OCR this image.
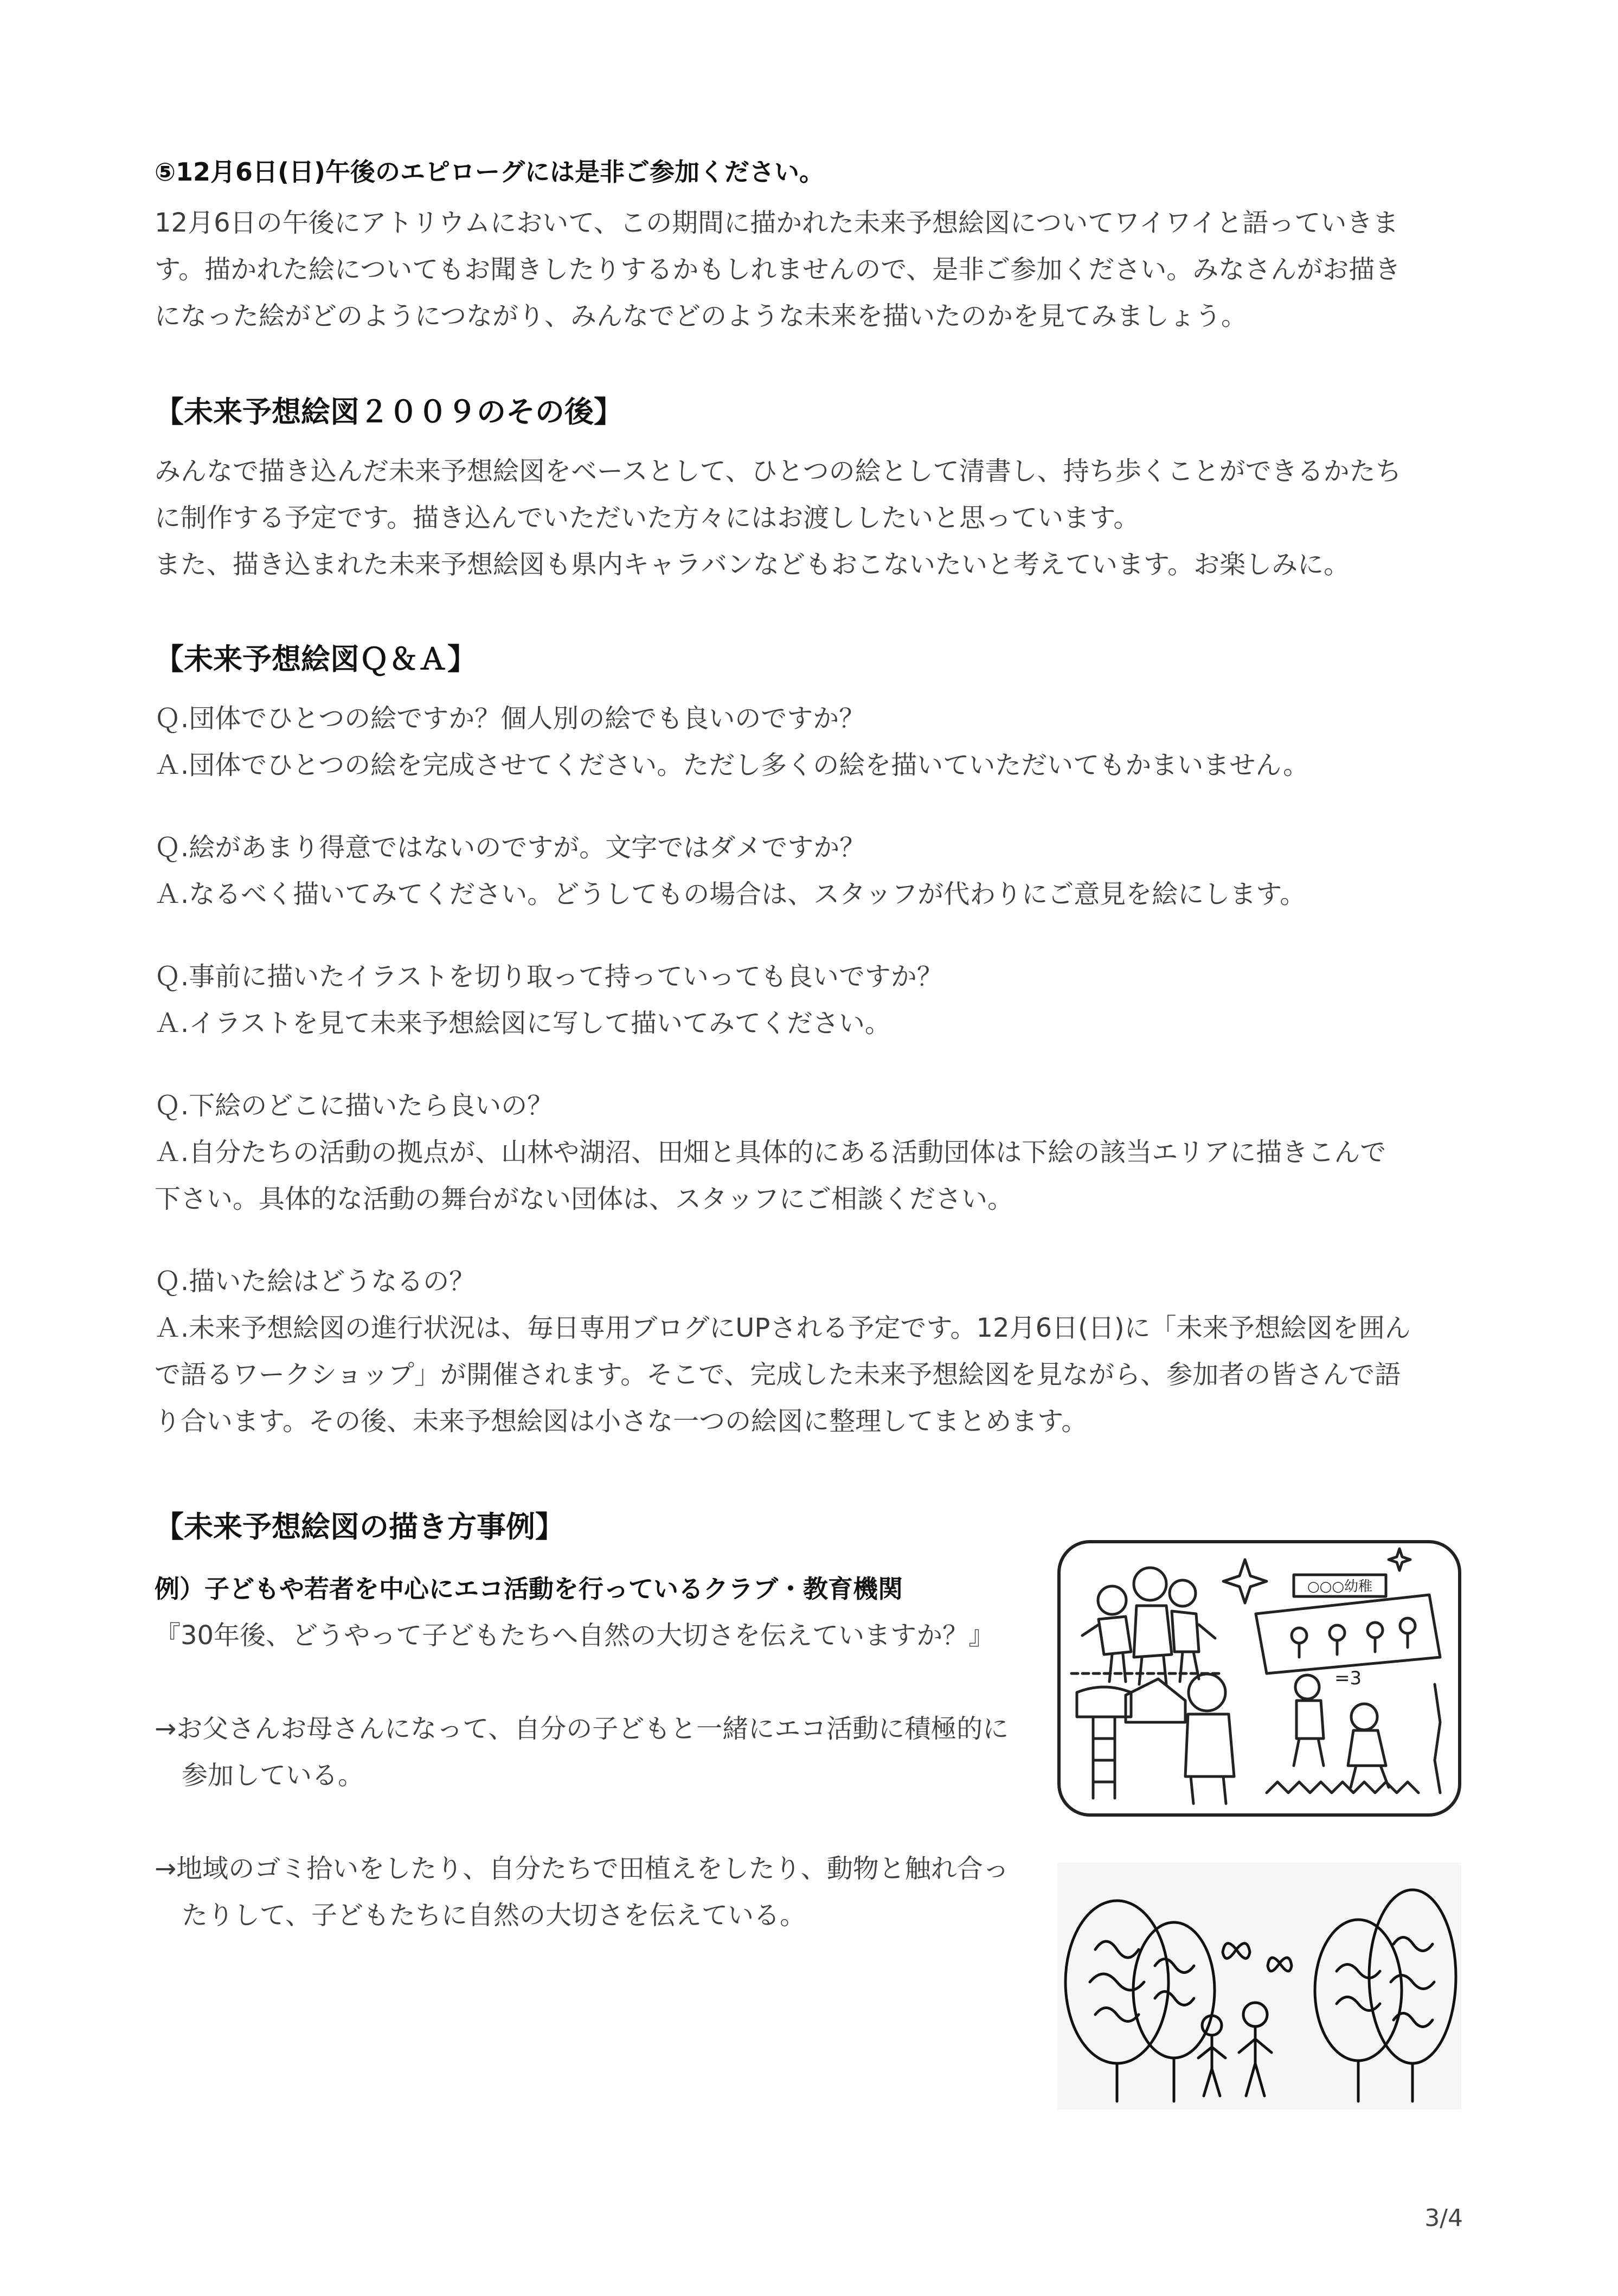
⑤12月6日(日)午後のエピローグには是非ご参加ください。

12月6日の午後にアトリウムにおいて、この期間に描かれた未来予想絵図についてワイワイと語っていきま

す。描かれた絵についてもお聞きしたりするかもしれませんので、是非ご参加ください。みなさんがお描き

になった絵がどのようにつながり、みんなでどのような未来を描いたのかを見てみましょう。

【未来予想絵図２００９のその後】

みんなで描き込んだ未来予想絵図をベースとして、ひとつの絵として清書し、持ち歩くことができるかたち

に制作する予定です。描き込んでいただいた方々にはお渡ししたいと思っています。

また、描き込まれた未来予想絵図も県内キャラバンなどもおこないたいと考えています。お楽しみに。

【未来予想絵図Ｑ＆Ａ】

Ｑ.団体でひとつの絵ですか？個人別の絵でも良いのですか？

Ａ.団体でひとつの絵を完成させてください。ただし多くの絵を描いていただいてもかまいません。

Ｑ.絵があまり得意ではないのですが。文字ではダメですか？

Ａ.なるべく描いてみてください。どうしてもの場合は、スタッフが代わりにご意見を絵にします。

Ｑ.事前に描いたイラストを切り取って持っていっても良いですか？

Ａ.イラストを見て未来予想絵図に写して描いてみてください。

Ｑ.下絵のどこに描いたら良いの？

Ａ.自分たちの活動の拠点が、山林や湖沼、田畑と具体的にある活動団体は下絵の該当エリアに描きこんで

下さい。具体的な活動の舞台がない団体は、スタッフにご相談ください。

Ｑ.描いた絵はどうなるの？

Ａ.未来予想絵図の進行状況は、毎日専用ブログにUPされる予定です。12月6日(日)に「未来予想絵図を囲ん

で語るワークショップ」が開催されます。そこで、完成した未来予想絵図を見ながら、参加者の皆さんで語

り合います。その後、未来予想絵図は小さな一つの絵図に整理してまとめます。

【未来予想絵図の描き方事例】

例）子どもや若者を中心にエコ活動を行っているクラブ・教育機関

『30年後、どうやって子どもたちへ自然の大切さを伝えていますか？』

→お父さんお母さんになって、自分の子どもと一緒にエコ活動に積極的に参加している。

→地域のゴミ拾いをしたり、自分たちで田植えをしたり、動物と触れ合ったりして、子どもたちに自然の大切さを伝えている。

○○○幼稚
=3
3/4
